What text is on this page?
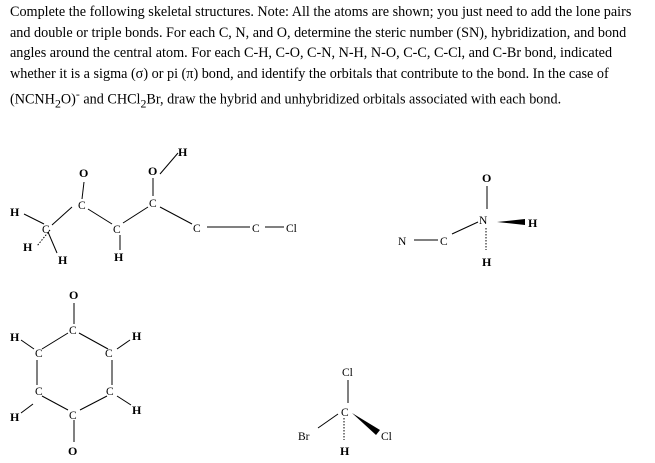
Complete the following skeletal structures. Note: All the atoms are shown; you just need to add the lone pairs and double or triple bonds. For each C, N, and O, determine the steric number (SN), hybridization, and bond angles around the central atom. For each C-H, C-O, C-N, N-H, N-O, C-C, C-Cl, and C-Br bond, indicated whether it is a sigma (σ) or pi (π) bond, and identify the orbitals that contribute to the bond. In the case of $(NCNH_2O)^-$ and CHCl$_2$Br, draw the hybrid and unhybridized orbitals associated with each bond.

H
C
H
H
O
C
C
H
O
H
C
C	C Cl
N	C
O
N	H
H
O
C
H
C	C
H
C	C
H
H	C
O
Cl
C
Br	Cl
H
